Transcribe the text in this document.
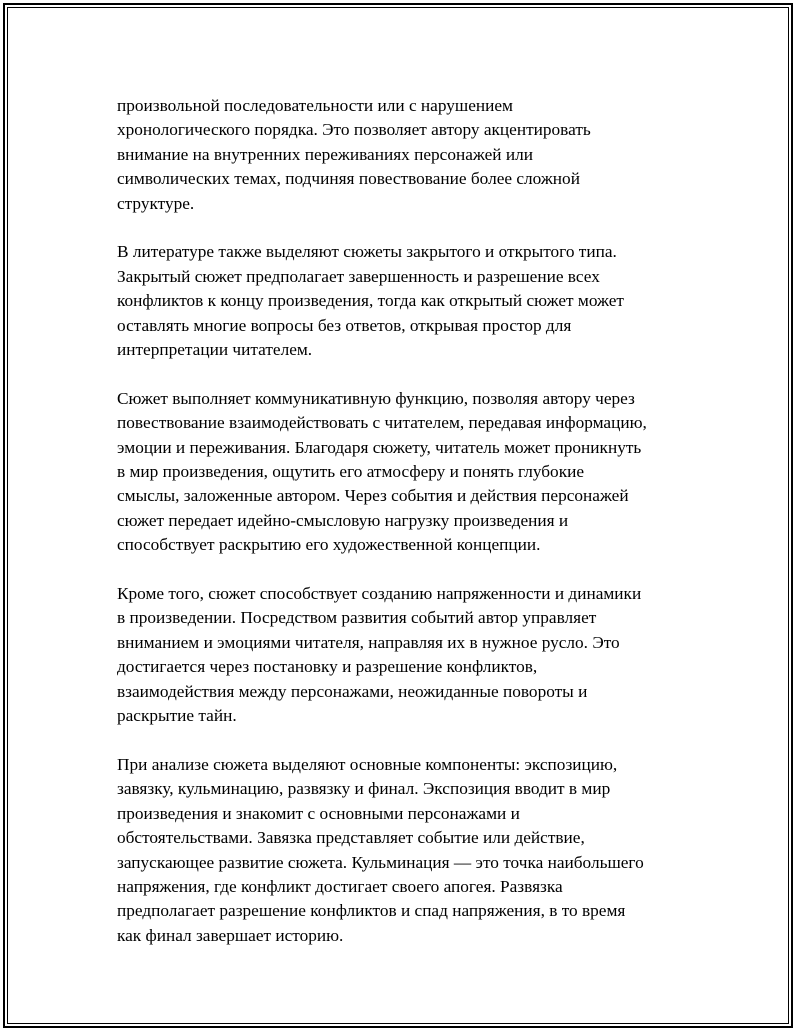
произвольной последовательности или с нарушением
хронологического порядка. Это позволяет автору акцентировать
внимание на внутренних переживаниях персонажей или
символических темах, подчиняя повествование более сложной
структуре.

В литературе также выделяют сюжеты закрытого и открытого типа.
Закрытый сюжет предполагает завершенность и разрешение всех
конфликтов к концу произведения, тогда как открытый сюжет может
оставлять многие вопросы без ответов, открывая простор для
интерпретации читателем.

Сюжет выполняет коммуникативную функцию, позволяя автору через
повествование взаимодействовать с читателем, передавая информацию,
эмоции и переживания. Благодаря сюжету, читатель может проникнуть
в мир произведения, ощутить его атмосферу и понять глубокие
смыслы, заложенные автором. Через события и действия персонажей
сюжет передает идейно-смысловую нагрузку произведения и
способствует раскрытию его художественной концепции.

Кроме того, сюжет способствует созданию напряженности и динамики
в произведении. Посредством развития событий автор управляет
вниманием и эмоциями читателя, направляя их в нужное русло. Это
достигается через постановку и разрешение конфликтов,
взаимодействия между персонажами, неожиданные повороты и
раскрытие тайн.

При анализе сюжета выделяют основные компоненты: экспозицию,
завязку, кульминацию, развязку и финал. Экспозиция вводит в мир
произведения и знакомит с основными персонажами и
обстоятельствами. Завязка представляет событие или действие,
запускающее развитие сюжета. Кульминация — это точка наибольшего
напряжения, где конфликт достигает своего апогея. Развязка
предполагает разрешение конфликтов и спад напряжения, в то время
как финал завершает историю.
